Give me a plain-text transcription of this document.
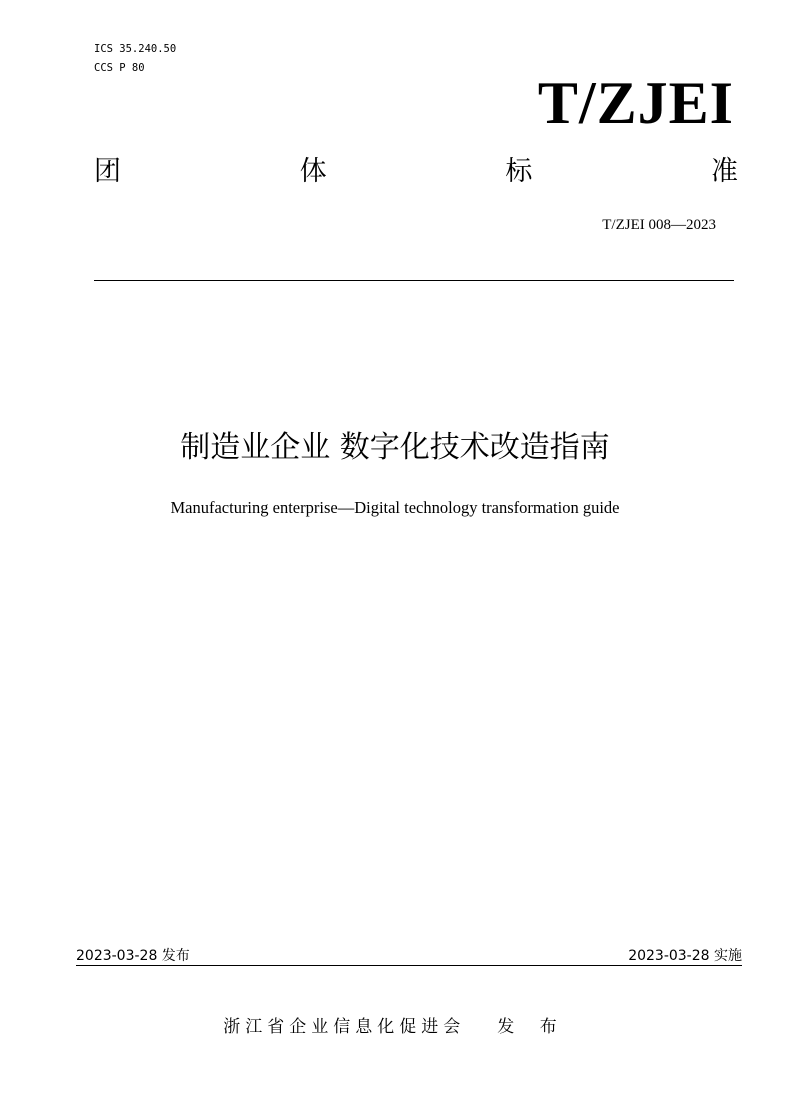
ICS 35.240.50
CCS P 80
T/ZJEI
团	体	标	准
T/ZJEI 008—2023
制造业企业 数字化技术改造指南
Manufacturing enterprise—Digital technology transformation guide
2023-03-28 发布	2023-03-28 实施
浙江省企业信息化促进会 发 布
